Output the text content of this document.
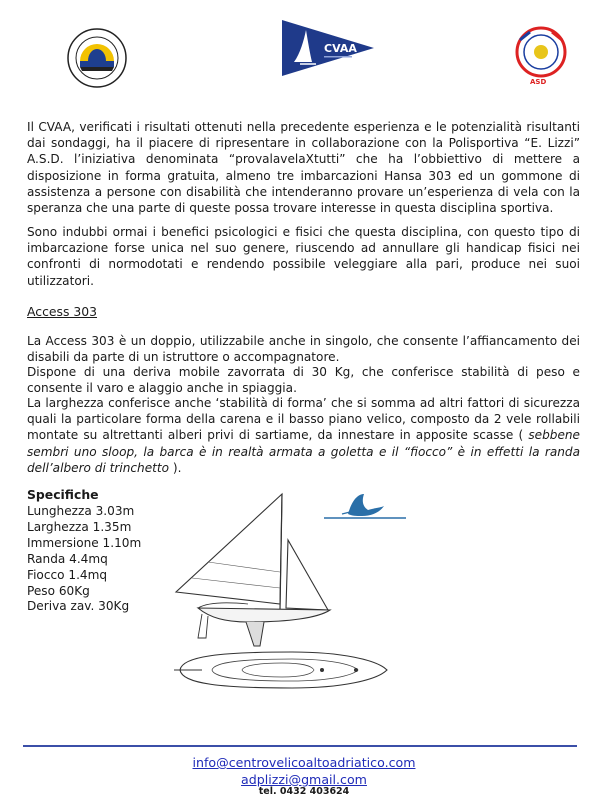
CVAA
ASD
Il CVAA, verificati i risultati ottenuti nella precedente esperienza e le potenzialità risultanti dai sondaggi, ha il piacere di ripresentare in collaborazione con la Polisportiva “E. Lizzi” A.S.D. l’iniziativa denominata “provalavelaXtutti” che ha l’obbiettivo di mettere a disposizione in forma gratuita, almeno tre imbarcazioni Hansa 303 ed un gommone di assistenza a persone con disabilità che intenderanno provare un’esperienza di vela con la speranza che una parte di queste possa trovare interesse in questa disciplina sportiva.
Sono indubbi ormai i benefici psicologici e fisici che questa disciplina, con questo tipo di imbarcazione forse unica nel suo genere, riuscendo ad annullare gli handicap fisici nei confronti di normodotati e rendendo possibile veleggiare alla pari, produce nei suoi utilizzatori.
Access 303
La Access 303 è un doppio, utilizzabile anche in singolo, che consente l’affiancamento dei disabili da parte di un istruttore o accompagnatore.
Dispone di una deriva mobile zavorrata di 30 Kg, che conferisce stabilità di peso e consente il varo e alaggio anche in spiaggia.
La larghezza conferisce anche ‘stabilità di forma’ che si somma ad altri fattori di sicurezza quali la particolare forma della carena e il basso piano velico, composto da 2 vele rollabili montate su altrettanti alberi privi di sartiame, da innestare in apposite scasse ( sebbene sembri uno sloop, la barca è in realtà armata a goletta e il “fiocco” è in effetti la randa dell’albero di trinchetto ).
Specifiche
Lunghezza 3.03m
Larghezza 1.35m
Immersione 1.10m
Randa 4.4mq
Fiocco 1.4mq
Peso 60Kg
Deriva zav. 30Kg
info@centrovelicoaltoadriatico.com
adplizzi@gmail.com
tel. 0432 403624
